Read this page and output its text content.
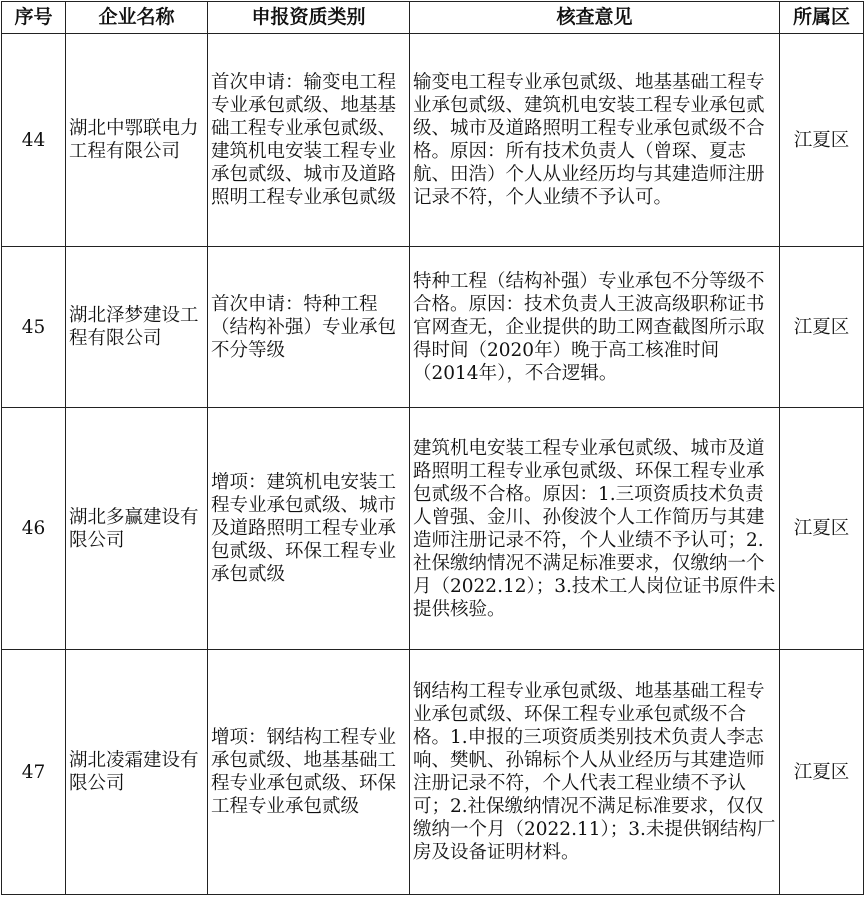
序号	企业名称	申报资质类别	核查意见	所属区
44	湖北中鄂联电力工程有限公司	首次申请：输变电工程专业承包贰级、地基基础工程专业承包贰级、建筑机电安装工程专业承包贰级、城市及道路照明工程专业承包贰级	输变电工程专业承包贰级、地基基础工程专业承包贰级、建筑机电安装工程专业承包贰级、城市及道路照明工程专业承包贰级不合格。原因：所有技术负责人（曾琛、夏志航、田浩）个人从业经历均与其建造师注册记录不符，个人业绩不予认可。	江夏区
45	湖北泽梦建设工程有限公司	首次申请：特种工程（结构补强）专业承包不分等级	特种工程（结构补强）专业承包不分等级不合格。原因：技术负责人王波高级职称证书官网查无，企业提供的助工网查截图所示取得时间（2020年）晚于高工核准时间（2014年），不合逻辑。	江夏区
46	湖北多赢建设有限公司	增项：建筑机电安装工程专业承包贰级、城市及道路照明工程专业承包贰级、环保工程专业承包贰级	建筑机电安装工程专业承包贰级、城市及道路照明工程专业承包贰级、环保工程专业承包贰级不合格。原因：1.三项资质技术负责人曾强、金川、孙俊波个人工作简历与其建造师注册记录不符，个人业绩不予认可；2.社保缴纳情况不满足标准要求，仅缴纳一个月（2022.12）；3.技术工人岗位证书原件未提供核验。	江夏区
47	湖北凌霜建设有限公司	增项：钢结构工程专业承包贰级、地基基础工程专业承包贰级、环保工程专业承包贰级	钢结构工程专业承包贰级、地基基础工程专业承包贰级、环保工程专业承包贰级不合格。1.申报的三项资质类别技术负责人李志响、樊帆、孙锦标个人从业经历与其建造师注册记录不符，个人代表工程业绩不予认可；2.社保缴纳情况不满足标准要求，仅仅缴纳一个月（2022.11）；3.未提供钢结构厂房及设备证明材料。	江夏区
